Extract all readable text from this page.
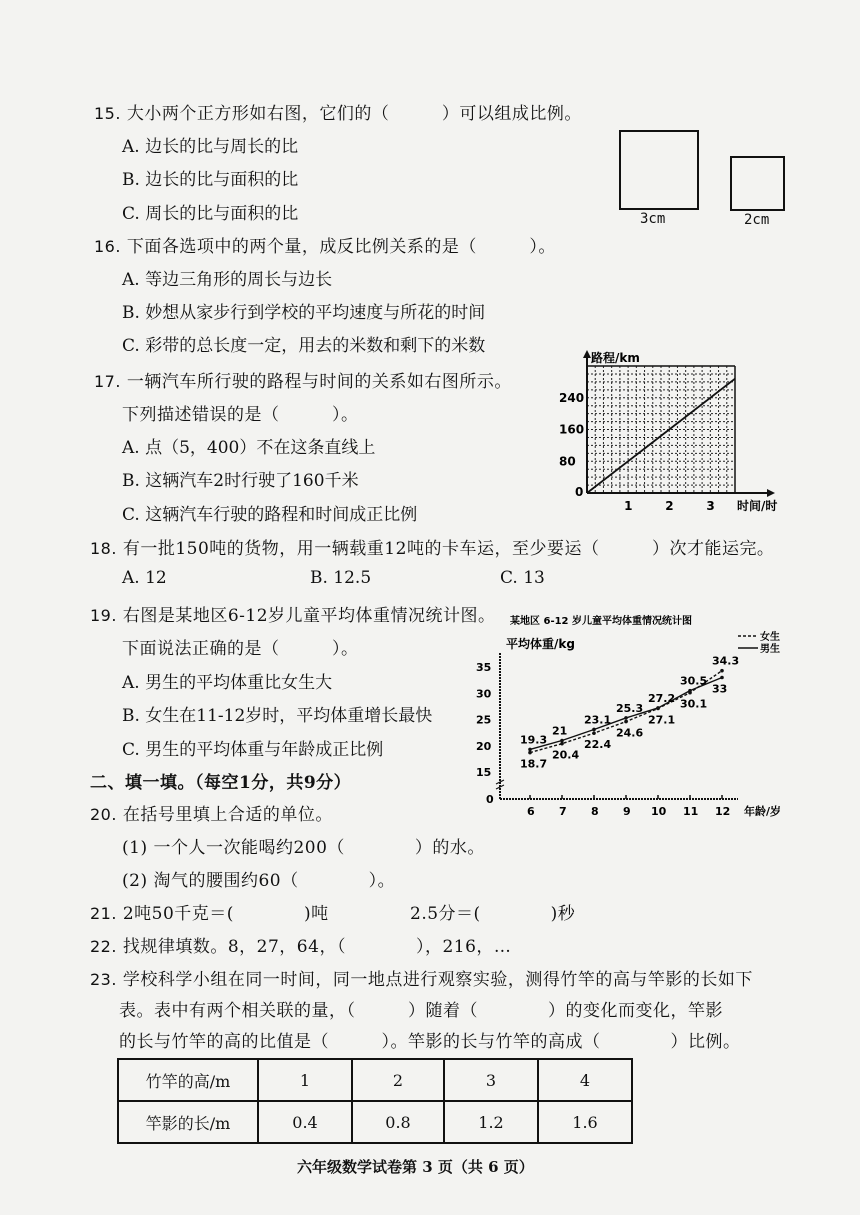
15. 大小两个正方形如右图，它们的（　　　）可以组成比例。
A. 边长的比与周长的比
B. 边长的比与面积的比
C. 周长的比与面积的比	3cm	2cm
16. 下面各选项中的两个量，成反比例关系的是（　　　）。
A. 等边三角形的周长与边长
B. 妙想从家步行到学校的平均速度与所花的时间
C. 彩带的总长度一定，用去的米数和剩下的米数
17. 一辆汽车所行驶的路程与时间的关系如右图所示。
下列描述错误的是（　　　）。
A. 点（5，400）不在这条直线上
B. 这辆汽车2时行驶了160千米
C. 这辆汽车行驶的路程和时间成正比例
0
1	2	3
80
160
240
路程/km
时间/时
18. 有一批150吨的货物，用一辆载重12吨的卡车运，至少要运（　　　）次才能运完。
A. 12	B. 12.5	C. 13
19. 右图是某地区6-12岁儿童平均体重情况统计图。
下面说法正确的是（　　　）。
A. 男生的平均体重比女生大
B. 女生在11-12岁时，平均体重增长最快
C. 男生的平均体重与年龄成正比例
某地区 6-12 岁儿童平均体重情况统计图
平均体重/kg	女生
男生
0
15
20
25
30
35
6 7 8 9 10 11 12 年龄/岁
19.3
18.7
21
20.4
23.1
22.4
25.3
24.6
27.2
27.1
30.5
30.1
34.3
33
二、填一填。（每空1分，共9分）
20. 在括号里填上合适的单位。
(1) 一个人一次能喝约200（　　　　）的水。
(2) 淘气的腰围约60（　　　　）。
21. 2吨50千克＝(　　　　)吨	2.5分＝(　　　　)秒
22. 找规律填数。8，27，64，（　　　　），216，…
23. 学校科学小组在同一时间，同一地点进行观察实验，测得竹竿的高与竿影的长如下
表。表中有两个相关联的量，（　　　）随着（　　　　）的变化而变化，竿影
的长与竹竿的高的比值是（　　　）。竿影的长与竹竿的高成（　　　　）比例。
竹竿的高/m	1	2	3	4
竿影的长/m	0.4	0.8	1.2	1.6
六年级数学试卷第 3 页（共 6 页）
